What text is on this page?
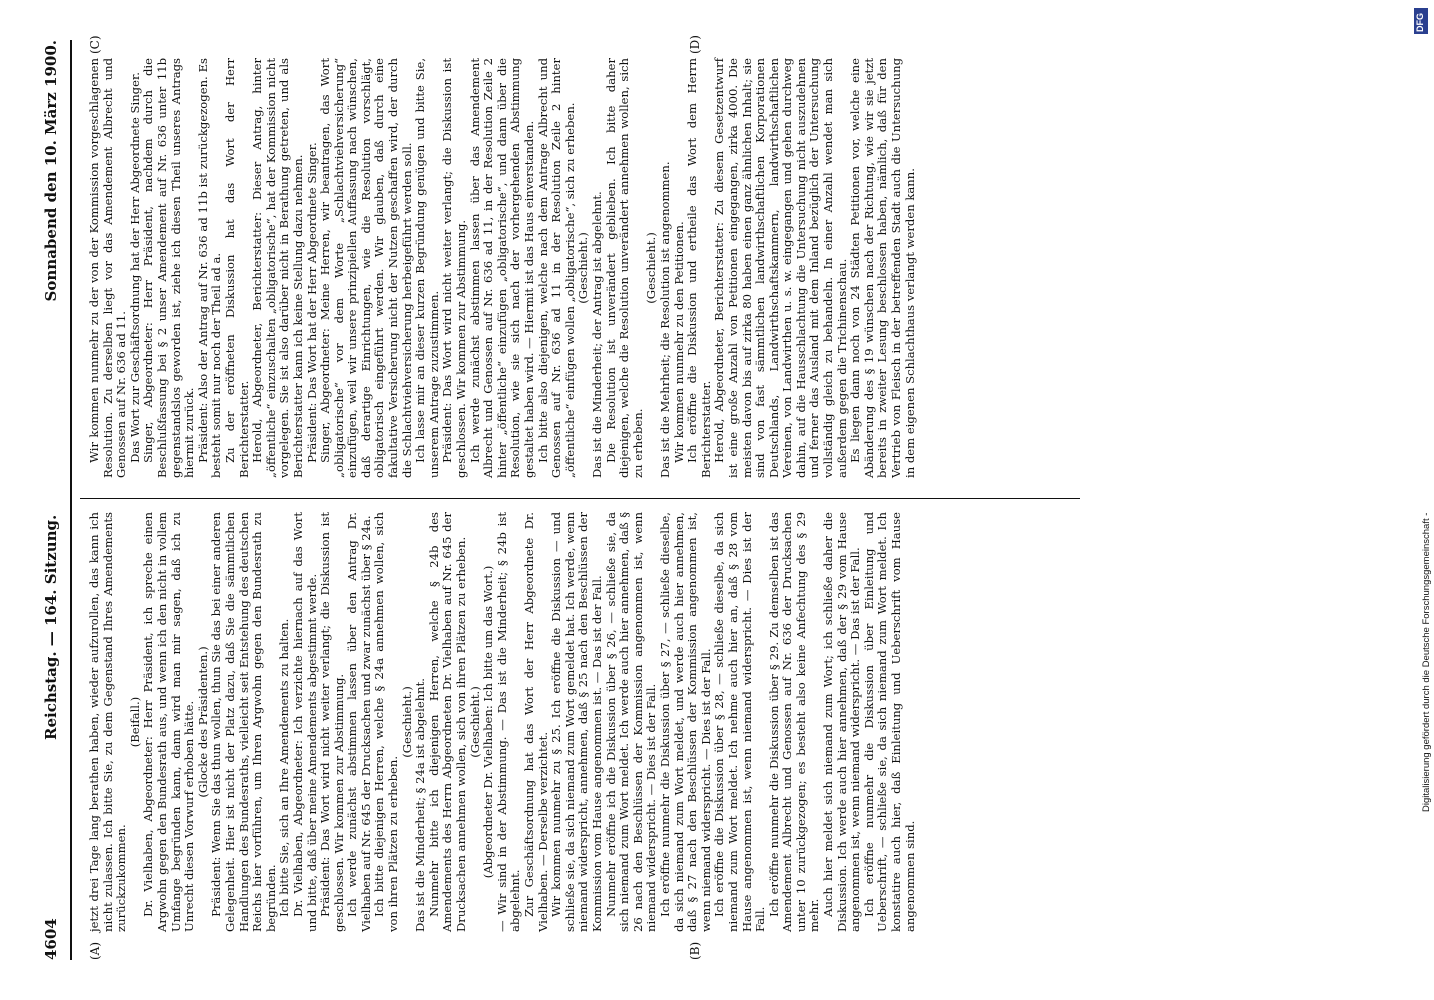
4604
Reichstag. — 164. Sitzung.
Sonnabend den 10. März 1900.
(A)	(B)
(C)	(D)

jetzt drei Tage lang berathen haben, wieder aufzurollen, das kann ich nicht zulassen. Ich bitte Sie, zu dem Gegenstand Ihres Amendements zurückzukommen.

(Beifall.) Dr. Vielhaben, Abgeordneter: Herr Präsident, ich spreche einen Argwohn gegen den Bundesrath aus, und wenn ich den nicht in vollem Umfange begründen kann, dann wird man mir sagen, daß ich zu Unrecht diesen Vorwurf erhoben hätte. (Glocke des Präsidenten.) Präsident: Wenn Sie das thun wollen, thun Sie das bei einer anderen Gelegenheit. Hier ist nicht der Platz dazu, daß Sie die sämmtlichen Handlungen des Bundesraths, vielleicht seit Entstehung des deutschen Reichs hier vorführen, um Ihren Argwohn gegen den Bundesrath zu begründen. Ich bitte Sie, sich an Ihre Amendements zu halten. Dr. Vielhaben, Abgeordneter: Ich verzichte hiernach auf das Wort und bitte, daß über meine Amendements abgestimmt werde. Präsident: Das Wort wird nicht weiter verlangt; die Diskussion ist geschlossen. Wir kommen zur Abstimmung. Ich werde zunächst abstimmen lassen über den Antrag Dr. Vielhaben auf Nr. 645 der Drucksachen und zwar zunächst über § 24a. Ich bitte diejenigen Herren, welche § 24a annehmen wollen, sich von ihren Plätzen zu erheben.

(Geschieht.) Das ist die Minderheit; § 24a ist abgelehnt. Nunmehr bitte ich diejenigen Herren, welche § 24b des Amendements des Herrn Abgeordneten Dr. Vielhaben auf Nr. 645 der Drucksachen annehmen wollen, sich von ihren Plätzen zu erheben. (Geschieht.) (Abgeordneter Dr. Vielhaben: Ich bitte um das Wort.) — Wir sind in der Abstimmung. — Das ist die Minderheit; § 24b ist abgelehnt. Zur Geschäftsordnung hat das Wort der Herr Abgeordnete Dr. Vielhaben. — Derselbe verzichtet. Wir kommen nunmehr zu § 25. Ich eröffne die Diskussion — und schließe sie, da sich niemand zum Wort gemeldet hat. Ich werde, wenn niemand widerspricht, annehmen, daß § 25 nach den Beschlüssen der Kommission vom Hause angenommen ist. — Das ist der Fall. Nunmehr eröffne ich die Diskussion über § 26, — schließe sie, da sich niemand zum Wort meldet. Ich werde auch hier annehmen, daß § 26 nach den Beschlüssen der Kommission angenommen ist, wenn niemand widerspricht. — Dies ist der Fall. Ich eröffne nunmehr die Diskussion über § 27, — schließe dieselbe, da sich niemand zum Wort meldet, und werde auch hier annehmen, daß § 27 nach den Beschlüssen der Kommission angenommen ist, wenn niemand widerspricht. — Dies ist der Fall. Ich eröffne die Diskussion über § 28, — schließe dieselbe, da sich niemand zum Wort meldet. Ich nehme auch hier an, daß § 28 vom Hause angenommen ist, wenn niemand widerspricht. — Dies ist der Fall.

Ich eröffne nunmehr die Diskussion über § 29. Zu demselben ist das Amendement Albrecht und Genossen auf Nr. 636 der Drucksachen unter 10 zurückgezogen; es besteht also keine Anfechtung des § 29 mehr. Auch hier meldet sich niemand zum Wort; ich schließe daher die Diskussion. Ich werde auch hier annehmen, daß der § 29 vom Hause angenommen ist, wenn niemand widerspricht. — Das ist der Fall. Ich eröffne nunmehr die Diskussion über Einleitung und Ueberschrift, — schließe sie, da sich niemand zum Wort meldet. Ich konstatire auch hier, daß Einleitung und Ueberschrift vom Hause angenommen sind.

Wir kommen nunmehr zu der von der Kommission vorgeschlagenen Resolution. Zu derselben liegt vor das Amendement Albrecht und Genossen auf Nr. 636 ad 11. Das Wort zur Geschäftsordnung hat der Herr Abgeordnete Singer. Singer, Abgeordneter: Herr Präsident, nachdem durch die Beschlußfassung bei § 2 unser Amendement auf Nr. 636 unter 11b gegenstandslos geworden ist, ziehe ich diesen Theil unseres Antrags hiermit zurück. Präsident: Also der Antrag auf Nr. 636 ad 11b ist zurückgezogen. Es besteht somit nur noch der Theil ad a. Zu der eröffneten Diskussion hat das Wort der Herr Berichterstatter. Herold, Abgeordneter, Berichterstatter: Dieser Antrag, hinter „öffentliche“ einzuschalten „obligatorische“, hat der Kommission nicht vorgelegen. Sie ist also darüber nicht in Berathung getreten, und als Berichterstatter kann ich keine Stellung dazu nehmen. Präsident: Das Wort hat der Herr Abgeordnete Singer. Singer, Abgeordneter: Meine Herren, wir beantragen, das Wort „obligatorische“ vor dem Worte „Schlachtviehversicherung“ einzufügen, weil wir unsere prinzipiellen Auffassung nach wünschen, daß derartige Einrichtungen, wie die Resolution vorschlägt, obligatorisch eingeführt werden. Wir glauben, daß durch eine fakultative Versicherung nicht der Nutzen geschaffen wird, der durch die Schlachtviehversicherung herbeigeführt werden soll. Ich lasse mir an dieser kurzen Begründung genügen und bitte Sie, unserem Antrage zuzustimmen. Präsident: Das Wort wird nicht weiter verlangt; die Diskussion ist geschlossen. Wir kommen zur Abstimmung. Ich werde zunächst abstimmen lassen über das Amendement Albrecht und Genossen auf Nr. 636 ad 11, in der Resolution Zeile 2 hinter „öffentliche“ einzufügen „obligatorische“, und dann über die Resolution, wie sie sich nach der vorhergehenden Abstimmung gestaltet haben wird. — Hiermit ist das Haus einverstanden. Ich bitte also diejenigen, welche nach dem Antrage Albrecht und Genossen auf Nr. 636 ad 11 in der Resolution Zeile 2 hinter „öffentliche“ einfügen wollen „obligatorische“, sich zu erheben. (Geschieht.) Das ist die Minderheit; der Antrag ist abgelehnt. Die Resolution ist unverändert geblieben. Ich bitte daher diejenigen, welche die Resolution unverändert annehmen wollen, sich zu erheben.

(Geschieht.) Das ist die Mehrheit; die Resolution ist angenommen. Wir kommen nunmehr zu den Petitionen. Ich eröffne die Diskussion und ertheile das Wort dem Herrn Berichterstatter. Herold, Abgeordneter, Berichterstatter: Zu diesem Gesetzentwurf ist eine große Anzahl von Petitionen eingegangen, zirka 4000. Die meisten davon bis auf zirka 80 haben einen ganz ähnlichen Inhalt; sie sind von fast sämmtlichen landwirthschaftlichen Korporationen Deutschlands, Landwirthschaftskammern, landwirthschaftlichen Vereinen, von Landwirthen u. s. w. eingegangen und gehen durchweg dahin, auf die Hausschlachtung die Untersuchung nicht auszudehnen und ferner das Ausland mit dem Inland bezüglich der Untersuchung vollständig gleich zu behandeln. In einer Anzahl wendet man sich außerdem gegen die Trichinenschau. Es liegen dann noch von 24 Städten Petitionen vor, welche eine Abänderung des § 19 wünschen nach der Richtung, wie wir sie jetzt bereits in zweiter Lesung beschlossen haben, nämlich, daß für den Vertrieb von Fleisch in der betreffenden Stadt auch die Untersuchung in dem eigenen Schlachthaus verlangt werden kann.

Digitalisierung gefördert durch die Deutsche Forschungsgemeinschaft -
DFG
